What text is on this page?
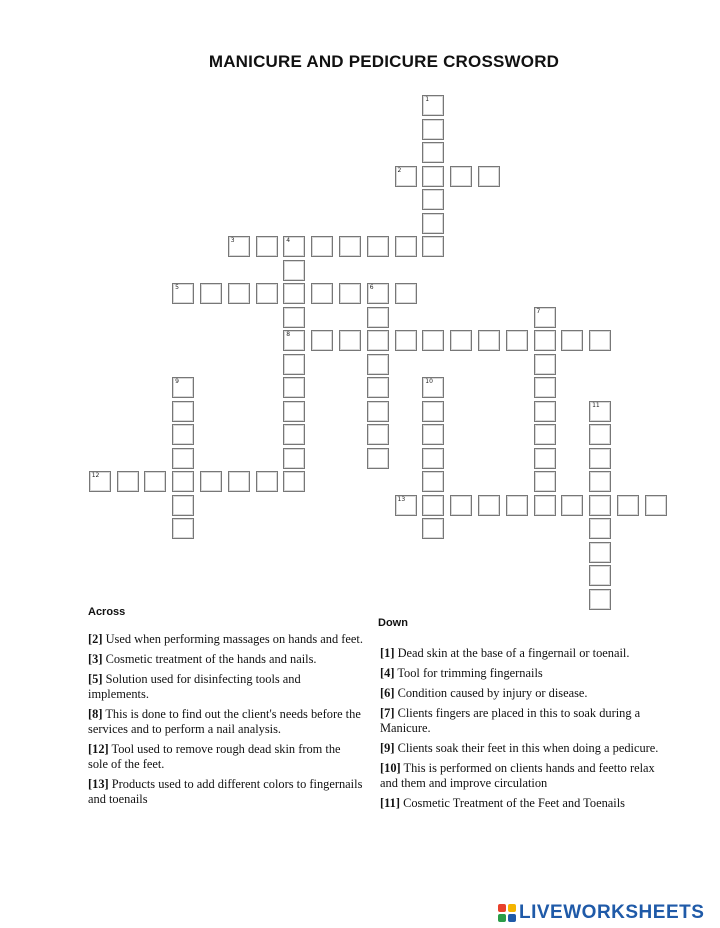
MANICURE AND PEDICURE CROSSWORD
1
4
8
6
7
9	10
11
2
3
5
12
13
Across
[2] Used when performing massages on hands and feet.
[3] Cosmetic treatment of the hands and nails.
[5] Solution used for disinfecting tools and implements.
[8] This is done to find out the client's needs before the services and to perform a nail analysis.
[12] Tool used to remove rough dead skin from the sole of the feet.
[13] Products used to add different colors to fingernails and toenails
Down
[1] Dead skin at the base of a fingernail or toenail.
[4] Tool for trimming fingernails
[6] Condition caused by injury or disease.
[7] Clients fingers are placed in this to soak during a Manicure.
[9] Clients soak their feet in this when doing a pedicure.
[10] This is performed on clients hands and feetto relax and them and improve circulation
[11] Cosmetic Treatment of the Feet and Toenails
LIVEWORKSHEETS
